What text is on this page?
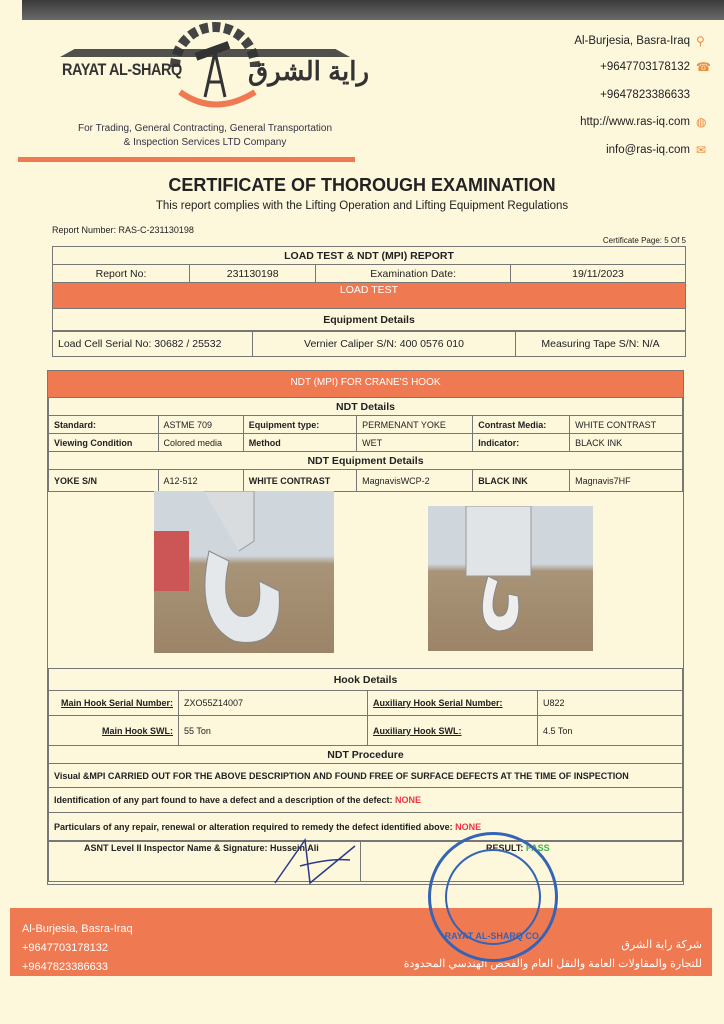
RAYAT AL-SHARQ	راية الشرق
For Trading, General Contracting, General Transportation
& Inspection Services LTD Company
Al-Burjesia, Basra-Iraq ⚲
+9647703178132 ☎
+9647823386633
http://www.ras-iq.com ◍
info@ras-iq.com ✉
CERTIFICATE OF THOROUGH EXAMINATION
This report complies with the Lifting Operation and Lifting Equipment Regulations
Report Number: RAS-C-231130198
Certificate Page: 5 Of 5
LOAD TEST & NDT (MPI) REPORT
Report No:	231130198	Examination Date:	19/11/2023
LOAD TEST
Equipment Details
Load Cell Serial No: 30682 / 25532	Vernier Caliper S/N: 400 0576 010	Measuring Tape S/N: N/A
NDT (MPI) FOR CRANE'S HOOK
NDT Details					
Standard:	ASTME 709	Equipment type:	PERMENANT YOKE	Contrast Media:	WHITE CONTRAST
Viewing Condition	Colored media	Method	WET	Indicator:	BLACK INK
NDT Equipment Details					
YOKE S/N	A12-512	WHITE CONTRAST	MagnavisWCP-2	BLACK INK	Magnavis7HF
Hook Details			
Main Hook Serial Number:	ZXO55Z14007	Auxiliary Hook Serial Number:	U822
Main Hook SWL:	55 Ton	Auxiliary Hook SWL:	4.5 Ton
NDT Procedure			
Visual &MPI CARRIED OUT FOR THE ABOVE DESCRIPTION AND FOUND FREE OF SURFACE DEFECTS AT THE TIME OF INSPECTION			
Identification of any part found to have a defect and a description of the defect: NONE			
Particulars of any repair, renewal or alteration required to remedy the defect identified above: NONE			
ASNT Level II Inspector Name & Signature: Hussein Ali	RESULT: PASS
Al-Burjesia, Basra-Iraq
+9647703178132
+9647823386633
شركة راية الشرق
للتجارة والمقاولات العامة والنقل العام والفحص الهندسي المحدودة
RAYAT AL-SHARQ CO.
